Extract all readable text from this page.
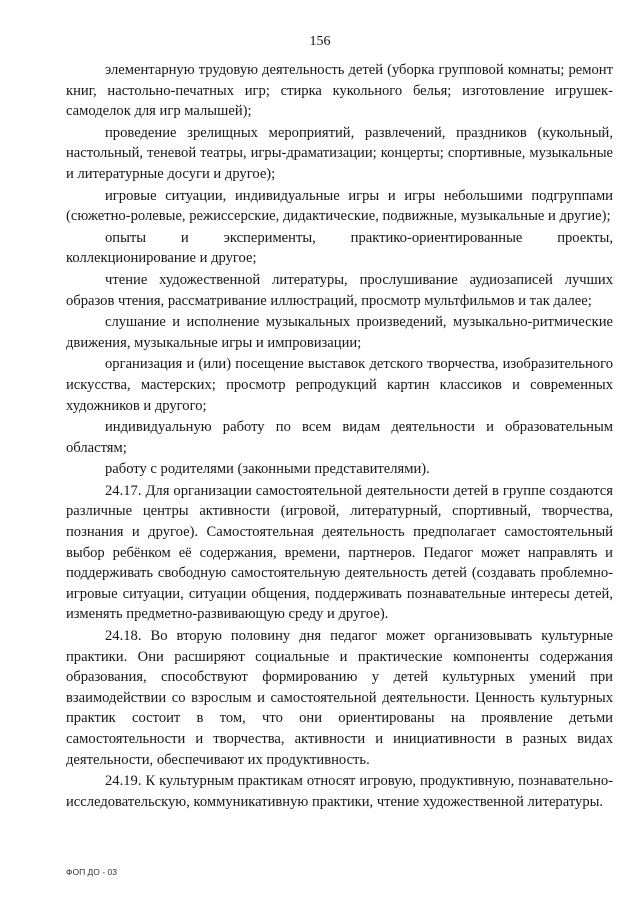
156

элементарную трудовую деятельность детей (уборка групповой комнаты; ремонт книг, настольно-печатных игр; стирка кукольного белья; изготовление игрушек-самоделок для игр малышей);

проведение зрелищных мероприятий, развлечений, праздников (кукольный, настольный, теневой театры, игры-драматизации; концерты; спортивные, музыкальные и литературные досуги и другое);

игровые ситуации, индивидуальные игры и игры небольшими подгруппами (сюжетно-ролевые, режиссерские, дидактические, подвижные, музыкальные и другие);

опыты и эксперименты, практико-ориентированные проекты, коллекционирование и другое;

чтение художественной литературы, прослушивание аудиозаписей лучших образов чтения, рассматривание иллюстраций, просмотр мультфильмов и так далее;

слушание и исполнение музыкальных произведений, музыкально-ритмические движения, музыкальные игры и импровизации;

организация и (или) посещение выставок детского творчества, изобразительного искусства, мастерских; просмотр репродукций картин классиков и современных художников и другого;

индивидуальную работу по всем видам деятельности и образовательным областям;

работу с родителями (законными представителями).

24.17. Для организации самостоятельной деятельности детей в группе создаются различные центры активности (игровой, литературный, спортивный, творчества, познания и другое). Самостоятельная деятельность предполагает самостоятельный выбор ребёнком её содержания, времени, партнеров. Педагог может направлять и поддерживать свободную самостоятельную деятельность детей (создавать проблемно-игровые ситуации, ситуации общения, поддерживать познавательные интересы детей, изменять предметно-развивающую среду и другое).

24.18. Во вторую половину дня педагог может организовывать культурные практики. Они расширяют социальные и практические компоненты содержания образования, способствуют формированию у детей культурных умений при взаимодействии со взрослым и самостоятельной деятельности. Ценность культурных практик состоит в том, что они ориентированы на проявление детьми самостоятельности и творчества, активности и инициативности в разных видах деятельности, обеспечивают их продуктивность.

24.19. К культурным практикам относят игровую, продуктивную, познавательно-исследовательскую, коммуникативную практики, чтение художественной литературы.

ФОП ДО - 03
